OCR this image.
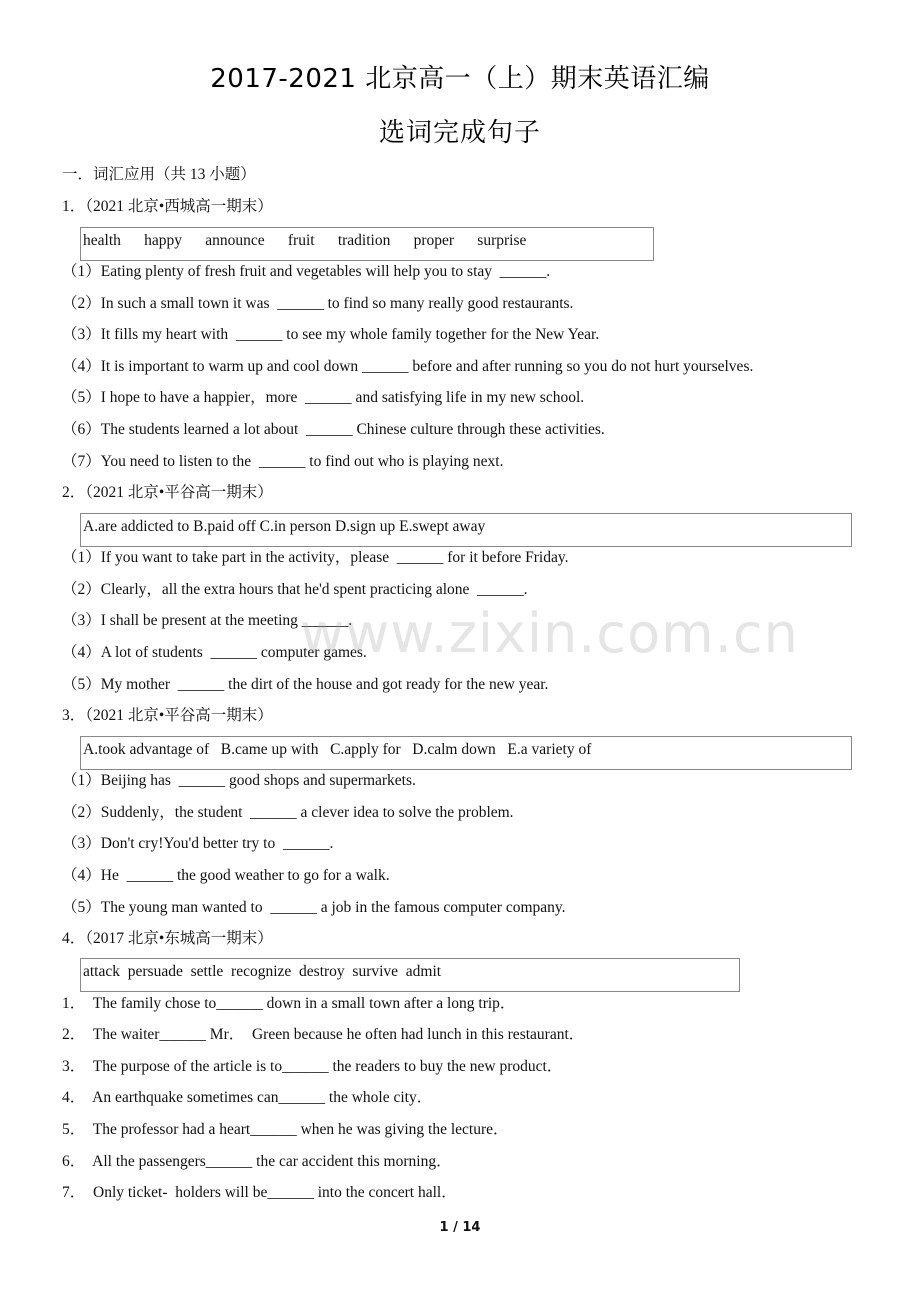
2017-2021 北京高一（上）期末英语汇编
选词完成句子
一．词汇应用（共 13 小题）
1．（2021 北京•西城高一期末）
health      happy      announce      fruit      tradition      proper      surprise
（1）Eating plenty of fresh fruit and vegetables will help you to stay  ______.
（2）In such a small town it was  ______ to find so many really good restaurants.
（3）It fills my heart with  ______ to see my whole family together for the New Year.
（4）It is important to warm up and cool down ______ before and after running so you do not hurt yourselves.
（5）I hope to have a happier，more  ______ and satisfying life in my new school.
（6）The students learned a lot about  ______ Chinese culture through these activities.
（7）You need to listen to the  ______ to find out who is playing next.
2．（2021 北京•平谷高一期末）
A.are addicted to B.paid off C.in person D.sign up E.swept away
（1）If you want to take part in the activity，please  ______ for it before Friday.
（2）Clearly，all the extra hours that he'd spent practicing alone  ______.
（3）I shall be present at the meeting ______.
（4）A lot of students  ______ computer games.
（5）My mother  ______ the dirt of the house and got ready for the new year.
3．（2021 北京•平谷高一期末）
A.took advantage of   B.came up with   C.apply for   D.calm down   E.a variety of
（1）Beijing has  ______ good shops and supermarkets.
（2）Suddenly，the student  ______ a clever idea to solve the problem.
（3）Don't cry!You'd better try to  ______.
（4）He  ______ the good weather to go for a walk.
（5）The young man wanted to  ______ a job in the famous computer company.
4．（2017 北京•东城高一期末）
attack  persuade  settle  recognize  destroy  survive  admit
1．  The family chose to______ down in a small town after a long trip．
2．  The waiter______ Mr．  Green because he often had lunch in this restaurant．
3．  The purpose of the article is to______ the readers to buy the new product．
4．  An earthquake sometimes can______ the whole city．
5．  The professor had a heart______ when he was giving the lecture．
6．  All the passengers______ the car accident this morning．
7．  Only ticket-  holders will be______ into the concert hall．
www.zixin.com.cn
1 / 14
